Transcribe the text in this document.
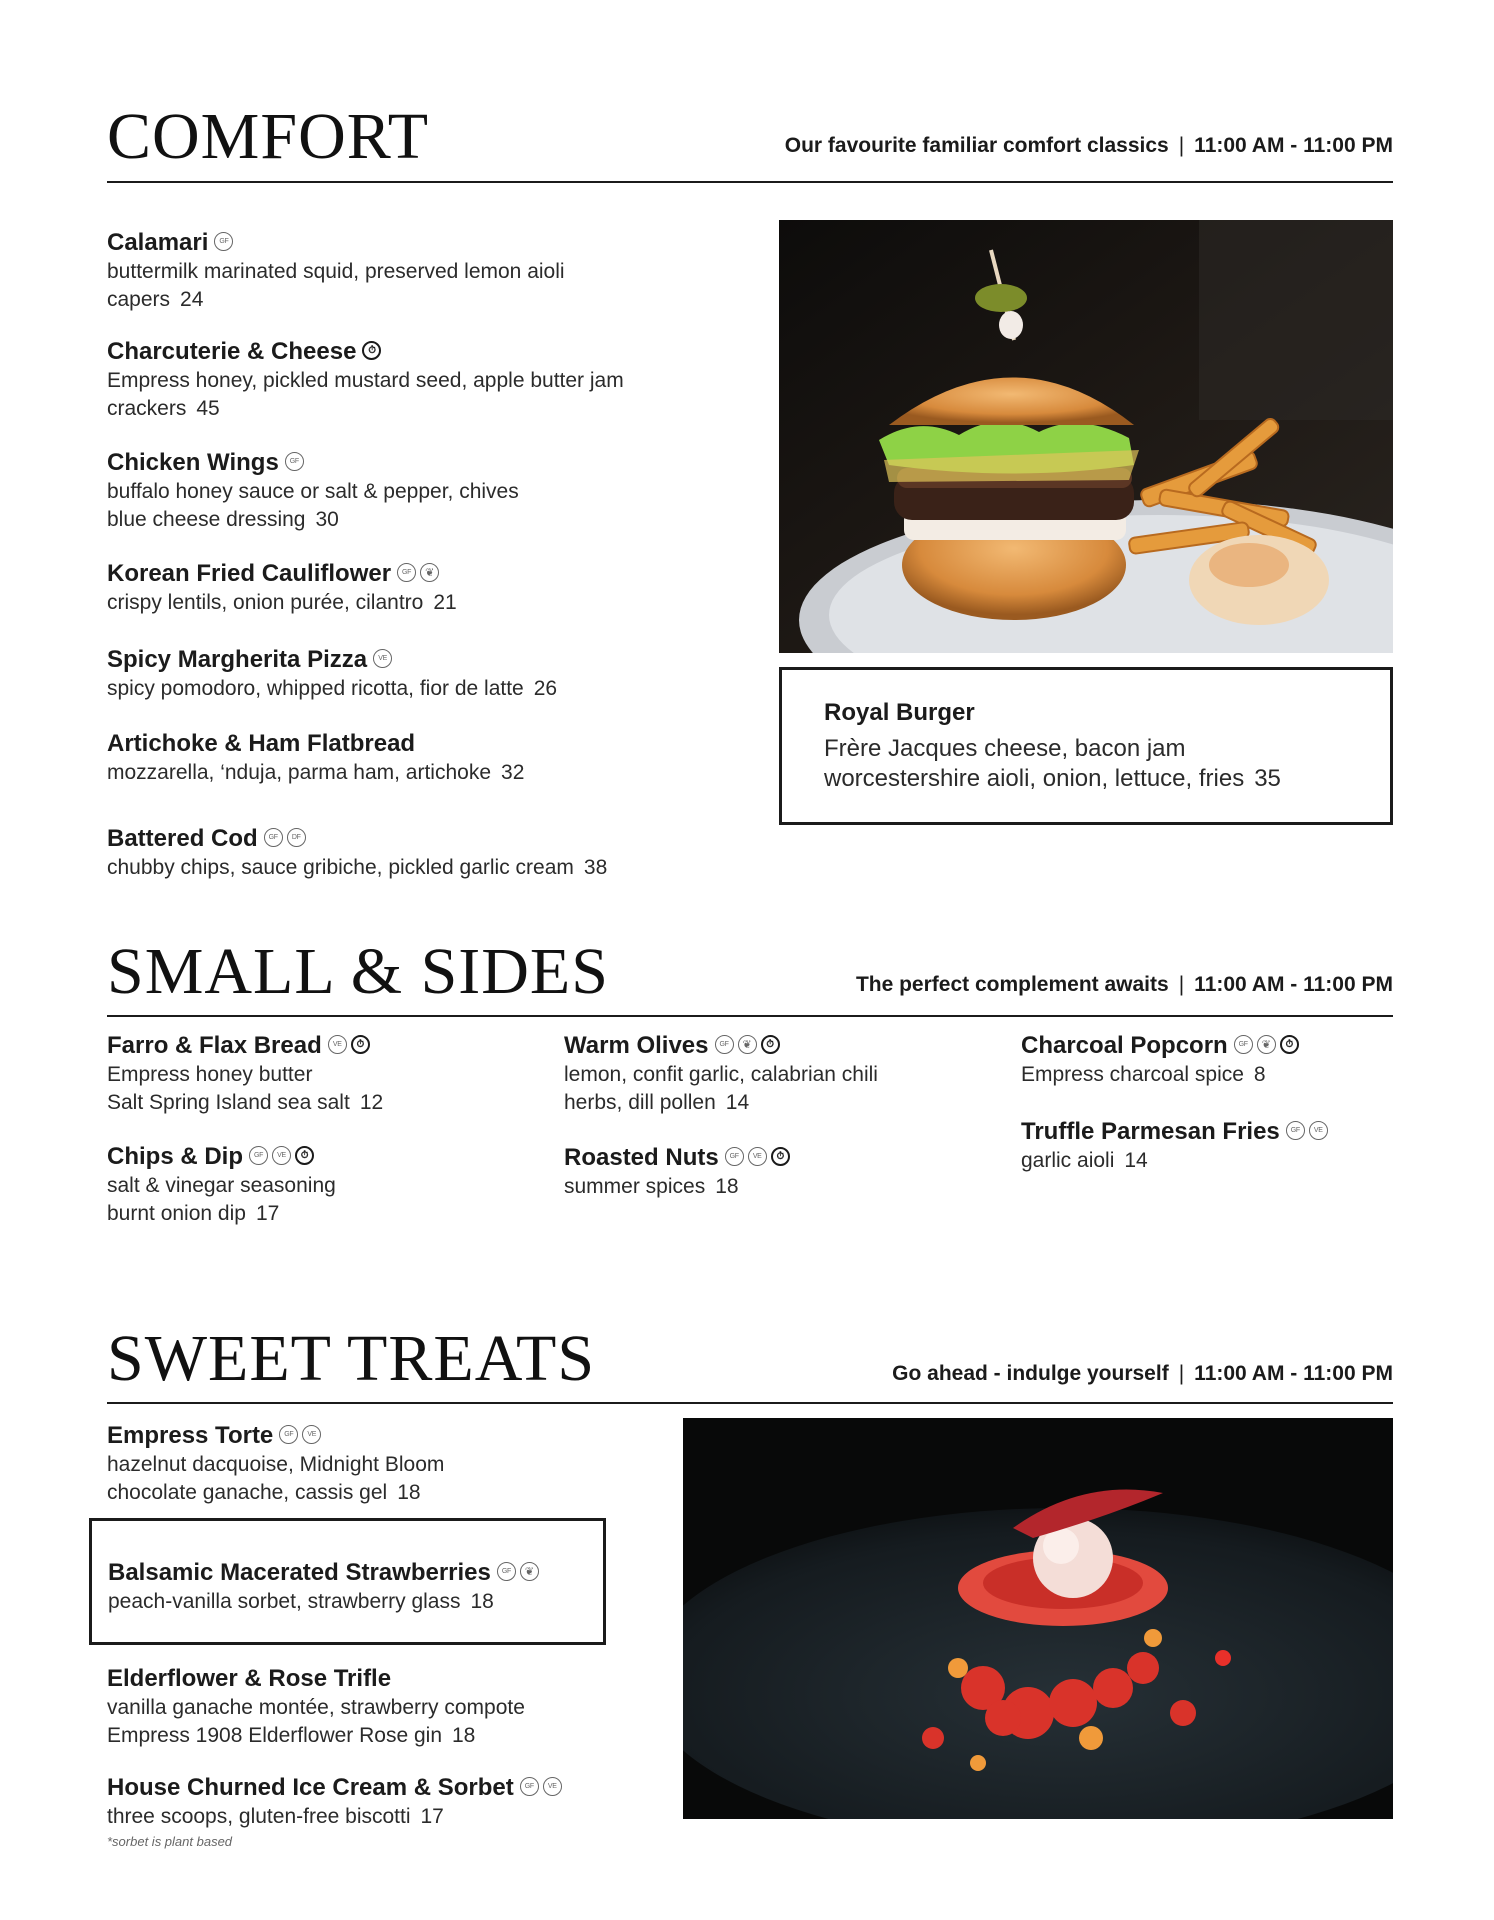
COMFORT	Our favourite familiar comfort classics | 11:00 AM - 11:00 PM
Calamari GF
buttermilk marinated squid, preserved lemon aioli
capers 24
Charcuterie & Cheese ⏱
Empress honey, pickled mustard seed, apple butter jam
crackers 45
Chicken Wings GF
buffalo honey sauce or salt & pepper, chives
blue cheese dressing 30
Korean Fried Cauliflower GF ❦
crispy lentils, onion purée, cilantro 21
Spicy Margherita Pizza VE
spicy pomodoro, whipped ricotta, fior de latte 26
Artichoke & Ham Flatbread
mozzarella, ‘nduja, parma ham, artichoke 32
Battered Cod GF DF
chubby chips, sauce gribiche, pickled garlic cream 38
Royal Burger
Frère Jacques cheese, bacon jam
worcestershire aioli, onion, lettuce, fries 35
SMALL & SIDES	The perfect complement awaits | 11:00 AM - 11:00 PM
Farro & Flax Bread VE ⏱
Empress honey butter
Salt Spring Island sea salt 12
Chips & Dip GF VE ⏱
salt & vinegar seasoning
burnt onion dip 17
Warm Olives GF ❦ ⏱
lemon, confit garlic, calabrian chili
herbs, dill pollen 14
Roasted Nuts GF VE ⏱
summer spices 18
Charcoal Popcorn GF ❦ ⏱
Empress charcoal spice 8
Truffle Parmesan Fries GF VE
garlic aioli 14
SWEET TREATS	Go ahead - indulge yourself | 11:00 AM - 11:00 PM
Empress Torte GF VE
hazelnut dacquoise, Midnight Bloom
chocolate ganache, cassis gel 18
Balsamic Macerated Strawberries GF ❦
peach-vanilla sorbet, strawberry glass 18
Elderflower & Rose Trifle
vanilla ganache montée, strawberry compote
Empress 1908 Elderflower Rose gin 18
House Churned Ice Cream & Sorbet GF VE
three scoops, gluten-free biscotti 17
*sorbet is plant based
